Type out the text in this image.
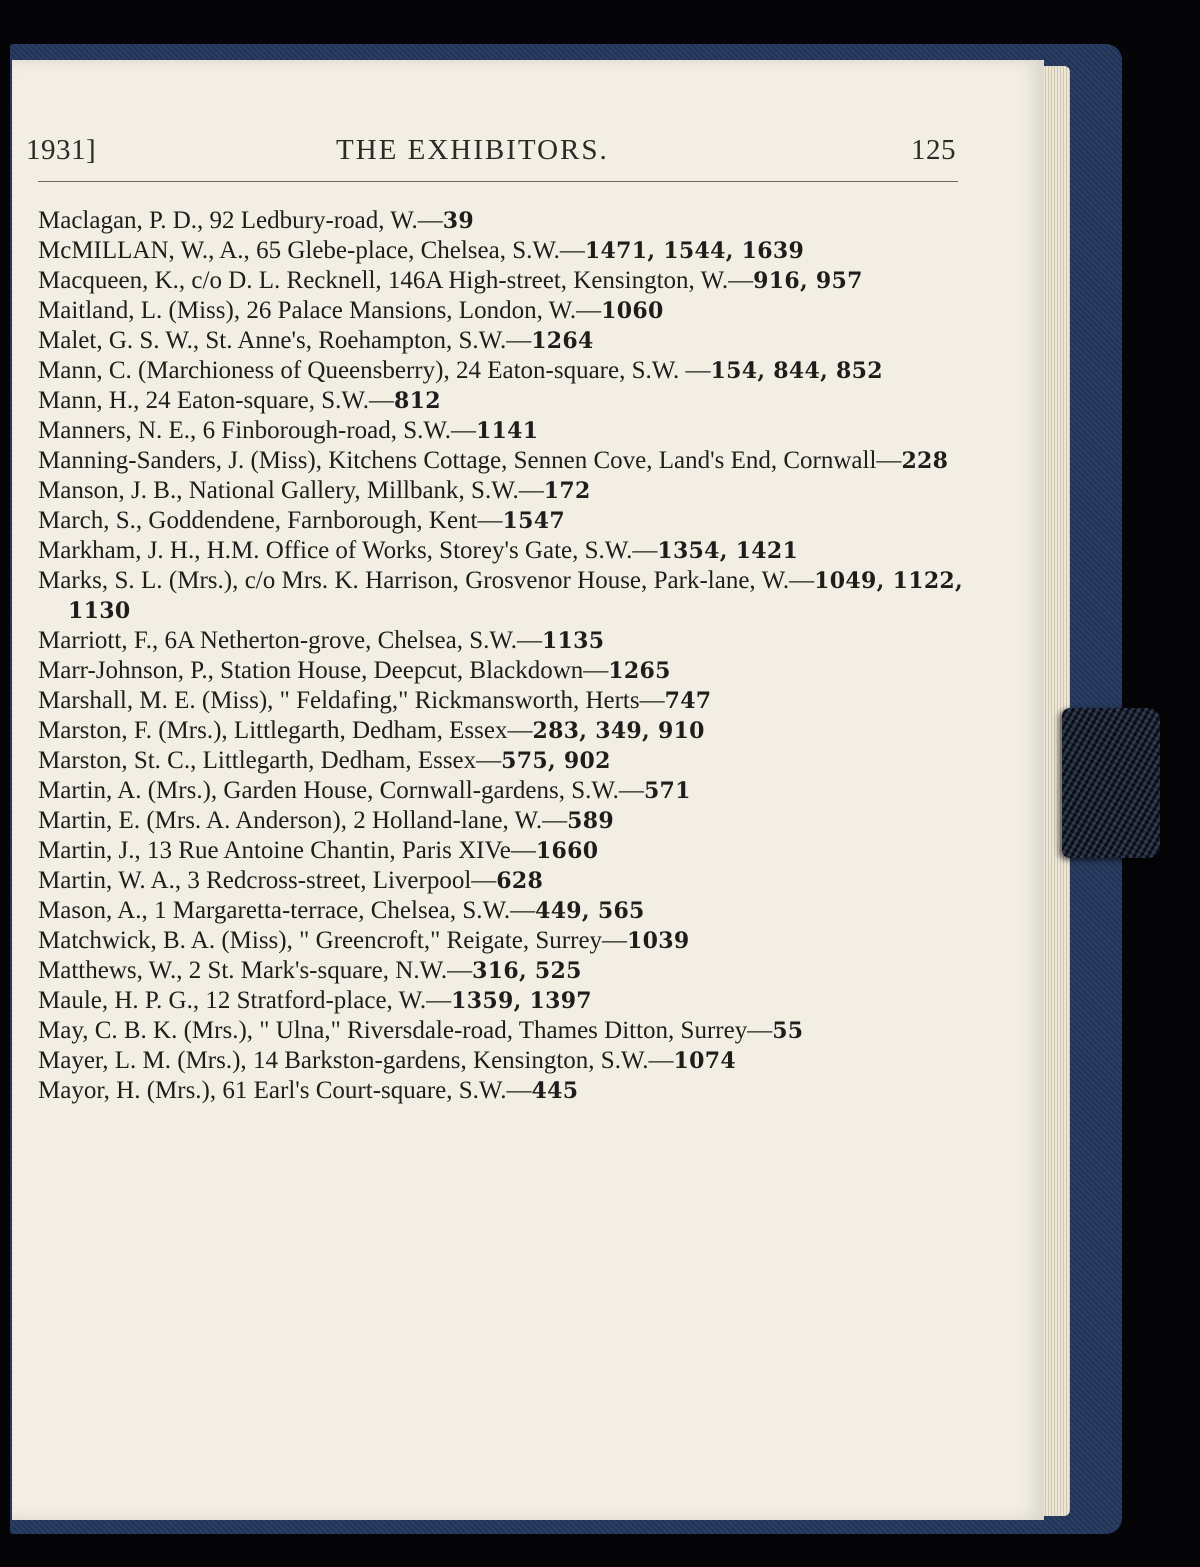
1931]	THE EXHIBITORS.	125
Maclagan, P. D., 92 Ledbury-road, W.—39
McMILLAN, W., A., 65 Glebe-place, Chelsea, S.W.—1471, 1544, 1639
Macqueen, K., c/o D. L. Recknell, 146A High-street, Kensington, W.—916, 957
Maitland, L. (Miss), 26 Palace Mansions, London, W.—1060
Malet, G. S. W., St. Anne's, Roehampton, S.W.—1264
Mann, C. (Marchioness of Queensberry), 24 Eaton-square, S.W. —154, 844, 852
Mann, H., 24 Eaton-square, S.W.—812
Manners, N. E., 6 Finborough-road, S.W.—1141
Manning-Sanders, J. (Miss), Kitchens Cottage, Sennen Cove, Land's End, Cornwall—228
Manson, J. B., National Gallery, Millbank, S.W.—172
March, S., Goddendene, Farnborough, Kent—1547
Markham, J. H., H.M. Office of Works, Storey's Gate, S.W.—1354, 1421
Marks, S. L. (Mrs.), c/o Mrs. K. Harrison, Grosvenor House, Park-lane, W.—1049, 1122, 1130
Marriott, F., 6A Netherton-grove, Chelsea, S.W.—1135
Marr-Johnson, P., Station House, Deepcut, Blackdown—1265
Marshall, M. E. (Miss), " Feldafing," Rickmansworth, Herts—747
Marston, F. (Mrs.), Littlegarth, Dedham, Essex—283, 349, 910
Marston, St. C., Littlegarth, Dedham, Essex—575, 902
Martin, A. (Mrs.), Garden House, Cornwall-gardens, S.W.—571
Martin, E. (Mrs. A. Anderson), 2 Holland-lane, W.—589
Martin, J., 13 Rue Antoine Chantin, Paris XIVe—1660
Martin, W. A., 3 Redcross-street, Liverpool—628
Mason, A., 1 Margaretta-terrace, Chelsea, S.W.—449, 565
Matchwick, B. A. (Miss), " Greencroft," Reigate, Surrey—1039
Matthews, W., 2 St. Mark's-square, N.W.—316, 525
Maule, H. P. G., 12 Stratford-place, W.—1359, 1397
May, C. B. K. (Mrs.), " Ulna," Riversdale-road, Thames Ditton, Surrey—55
Mayer, L. M. (Mrs.), 14 Barkston-gardens, Kensington, S.W.—1074
Mayor, H. (Mrs.), 61 Earl's Court-square, S.W.—445
